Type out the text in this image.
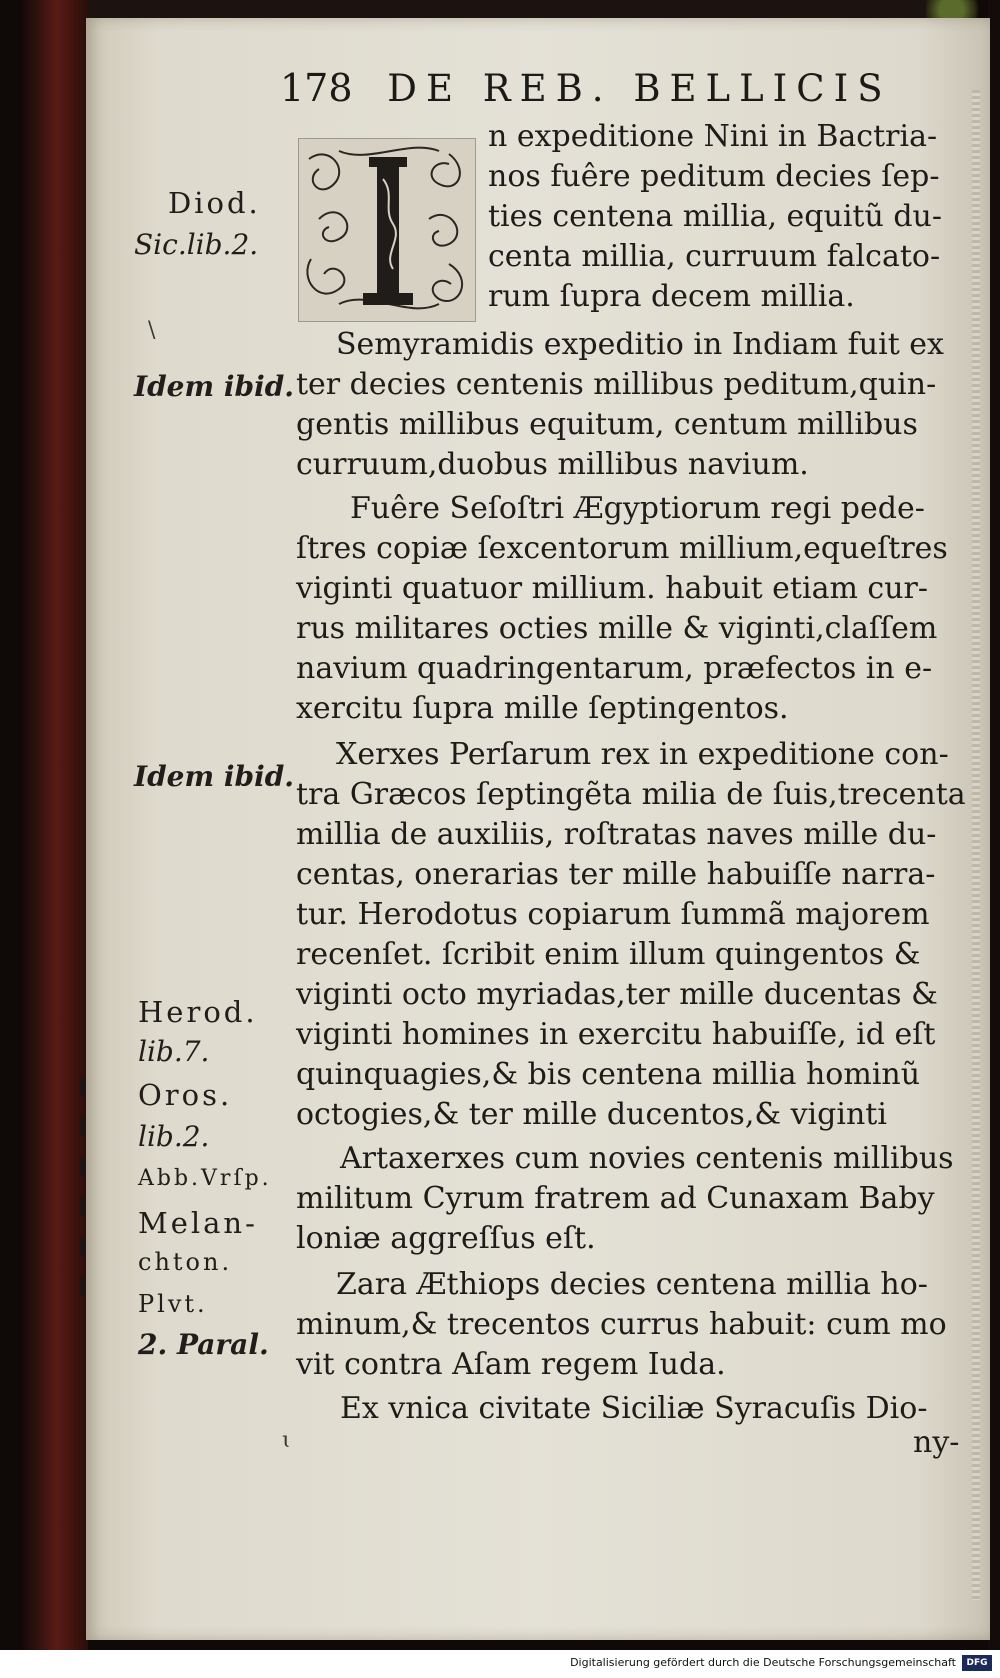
178 DE REB. BELLICIS
n expeditione Nini in Bactria-
nos fuêre peditum decies ſep-
ties centena millia, equitũ du-
centa millia, curruum falcato-
rum ſupra decem millia.
Semyramidis expeditio in Indiam fuit ex
ter decies centenis millibus peditum,quin-
gentis millibus equitum, centum millibus
curruum,duobus millibus navium.
Fuêre Seſoſtri Ægyptiorum regi pede-
ſtres copiæ ſexcentorum millium,equeſtres
viginti quatuor millium. habuit etiam cur-
rus militares octies mille & viginti,claſſem
navium quadringentarum, præfectos in e-
xercitu ſupra mille ſeptingentos.
Xerxes Perſarum rex in expeditione con-
tra Græcos ſeptingẽta milia de ſuis,trecenta
millia de auxiliis, roſtratas naves mille du-
centas, onerarias ter mille habuiſſe narra-
tur. Herodotus copiarum ſummã majorem
recenſet. ſcribit enim illum quingentos &
viginti octo myriadas,ter mille ducentas &
viginti homines in exercitu habuiſſe, id eſt
quinquagies,& bis centena millia hominũ
octogies,& ter mille ducentos,& viginti
Artaxerxes cum novies centenis millibus
militum Cyrum fratrem ad Cunaxam Baby
loniæ aggreſſus eſt.
Zara Æthiops decies centena millia ho-
minum,& trecentos currus habuit: cum mo
vit contra Aſam regem Iuda.
Ex vnica civitate Siciliæ Syracuſis Dio-
ny-
Diod.
Sic.lib.2.
Idem ibid.
Idem ibid.
Herod.
lib.7.
Oros.
lib.2.
Abb.Vrſp.
Melan-
chton.
Plvt.
2. Paral.
\
ɩ
Digitalisierung gefördert durch die Deutsche Forschungsgemeinschaft	DFG
